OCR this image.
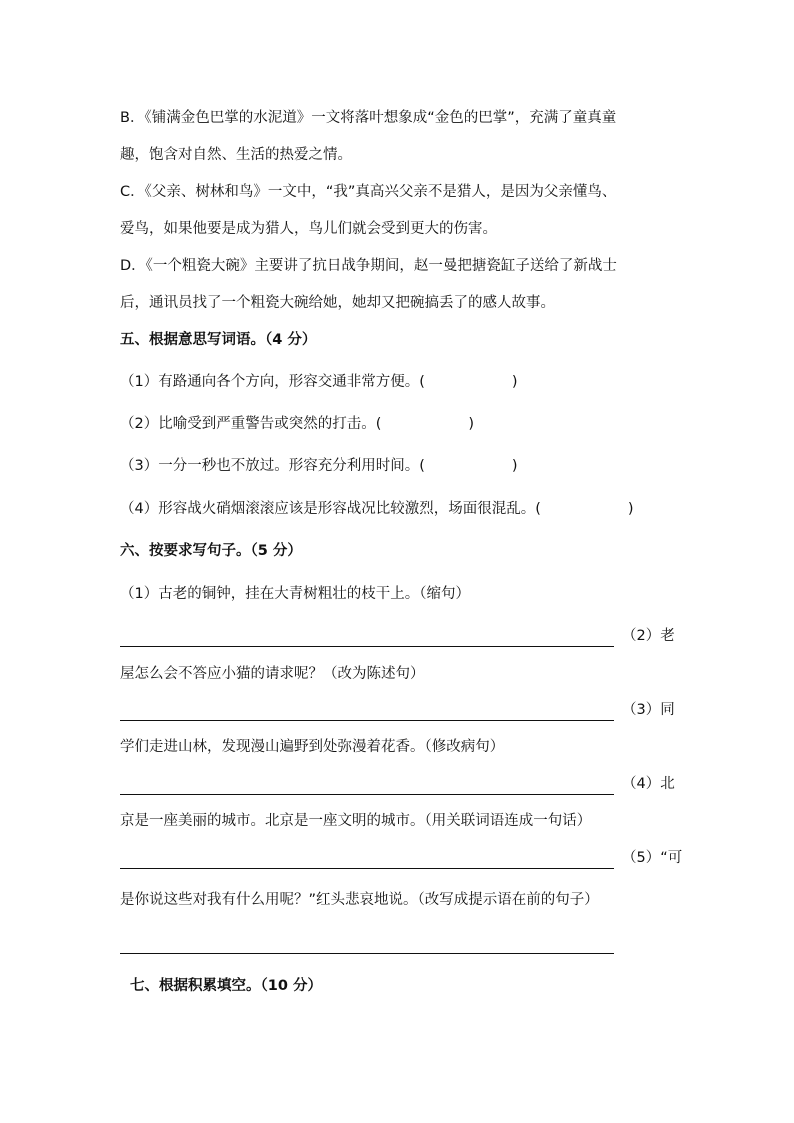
B．《铺满金色巴掌的水泥道》一文将落叶想象成“金色的巴掌”，充满了童真童
趣，饱含对自然、生活的热爱之情。
C．《父亲、树林和鸟》一文中，“我”真高兴父亲不是猎人，是因为父亲懂鸟、
爱鸟，如果他要是成为猎人，鸟儿们就会受到更大的伤害。
D．《一个粗瓷大碗》主要讲了抗日战争期间，赵一曼把搪瓷缸子送给了新战士
后，通讯员找了一个粗瓷大碗给她，她却又把碗搞丢了的感人故事。
五、根据意思写词语。（4 分）
（1）有路通向各个方向，形容交通非常方便。(　　　　　　)
（2）比喻受到严重警告或突然的打击。(　　　　　　)
（3）一分一秒也不放过。形容充分利用时间。(　　　　　　)
（4）形容战火硝烟滚滚应该是形容战况比较激烈，场面很混乱。(　　　　　　)
六、按要求写句子。（5 分）
（1）古老的铜钟，挂在大青树粗壮的枝干上。（缩句）
（2）老
屋怎么会不答应小猫的请求呢？（改为陈述句）
（3）同
学们走进山林，发现漫山遍野到处弥漫着花香。（修改病句）
（4）北
京是一座美丽的城市。北京是一座文明的城市。（用关联词语连成一句话）
（5）“可
是你说这些对我有什么用呢？”红头悲哀地说。（改写成提示语在前的句子）
七、根据积累填空。（10 分）
